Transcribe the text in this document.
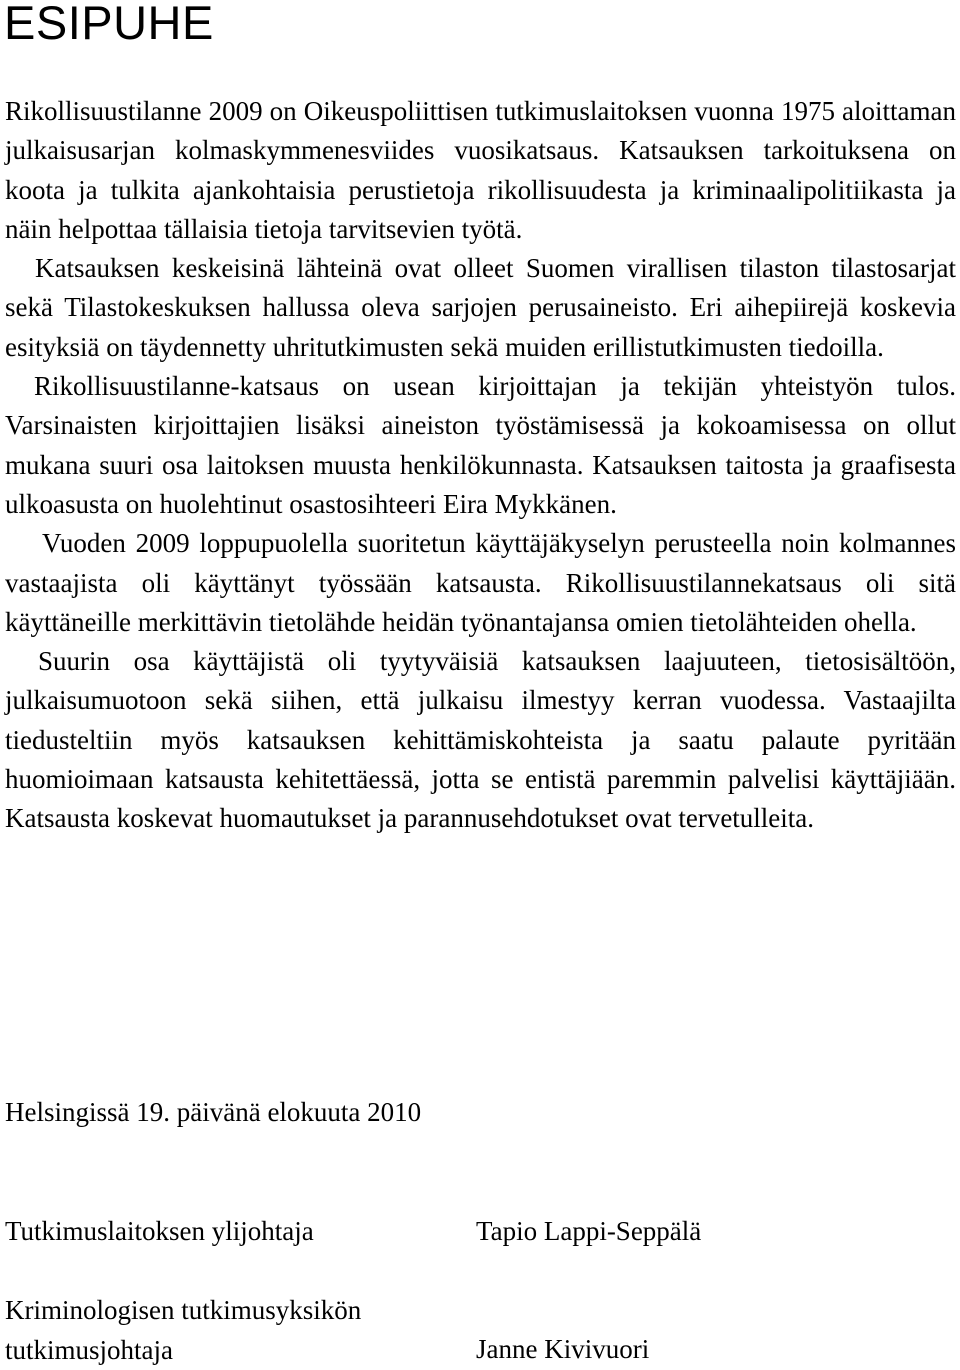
ESIPUHE

Rikollisuustilanne 2009 on Oikeuspoliittisen tutkimuslaitoksen vuonna 1975 aloittaman julkaisusarjan kolmaskymmenesviides vuosikatsaus. Katsauksen tarkoituksena on koota ja tulkita ajankohtaisia perustietoja rikollisuudesta ja kriminaalipolitiikasta ja näin helpottaa tällaisia tietoja tarvitsevien työtä.

Katsauksen keskeisinä lähteinä ovat olleet Suomen virallisen tilaston tilastosarjat sekä Tilastokeskuksen hallussa oleva sarjojen perusaineisto. Eri aihepiirejä koskevia esityksiä on täydennetty uhritutkimusten sekä muiden erillistutkimusten tiedoilla.

Rikollisuustilanne-katsaus on usean kirjoittajan ja tekijän yhteistyön tulos. Varsinaisten kirjoittajien lisäksi aineiston työstämisessä ja kokoamisessa on ollut mukana suuri osa laitoksen muusta henkilökunnasta. Katsauksen taitosta ja graafisesta ulkoasusta on huolehtinut osastosihteeri Eira Mykkänen.

Vuoden 2009 loppupuolella suoritetun käyttäjäkyselyn perusteella noin kolmannes vastaajista oli käyttänyt työssään katsausta. Rikollisuustilannekatsaus oli sitä käyttäneille merkittävin tietolähde heidän työnantajansa omien tietolähteiden ohella.

Suurin osa käyttäjistä oli tyytyväisiä katsauksen laajuuteen, tietosisältöön, julkaisumuotoon sekä siihen, että julkaisu ilmestyy kerran vuodessa. Vastaajilta tiedusteltiin myös katsauksen kehittämiskohteista ja saatu palaute pyritään huomioimaan katsausta kehitettäessä, jotta se entistä paremmin palvelisi käyttäjiään. Katsausta koskevat huomautukset ja parannusehdotukset ovat tervetulleita.

Helsingissä 19. päivänä elokuuta 2010

Tutkimuslaitoksen ylijohtaja	Tapio Lappi-Seppälä

Kriminologisen tutkimusyksikön
tutkimusjohtaja	Janne Kivivuori
